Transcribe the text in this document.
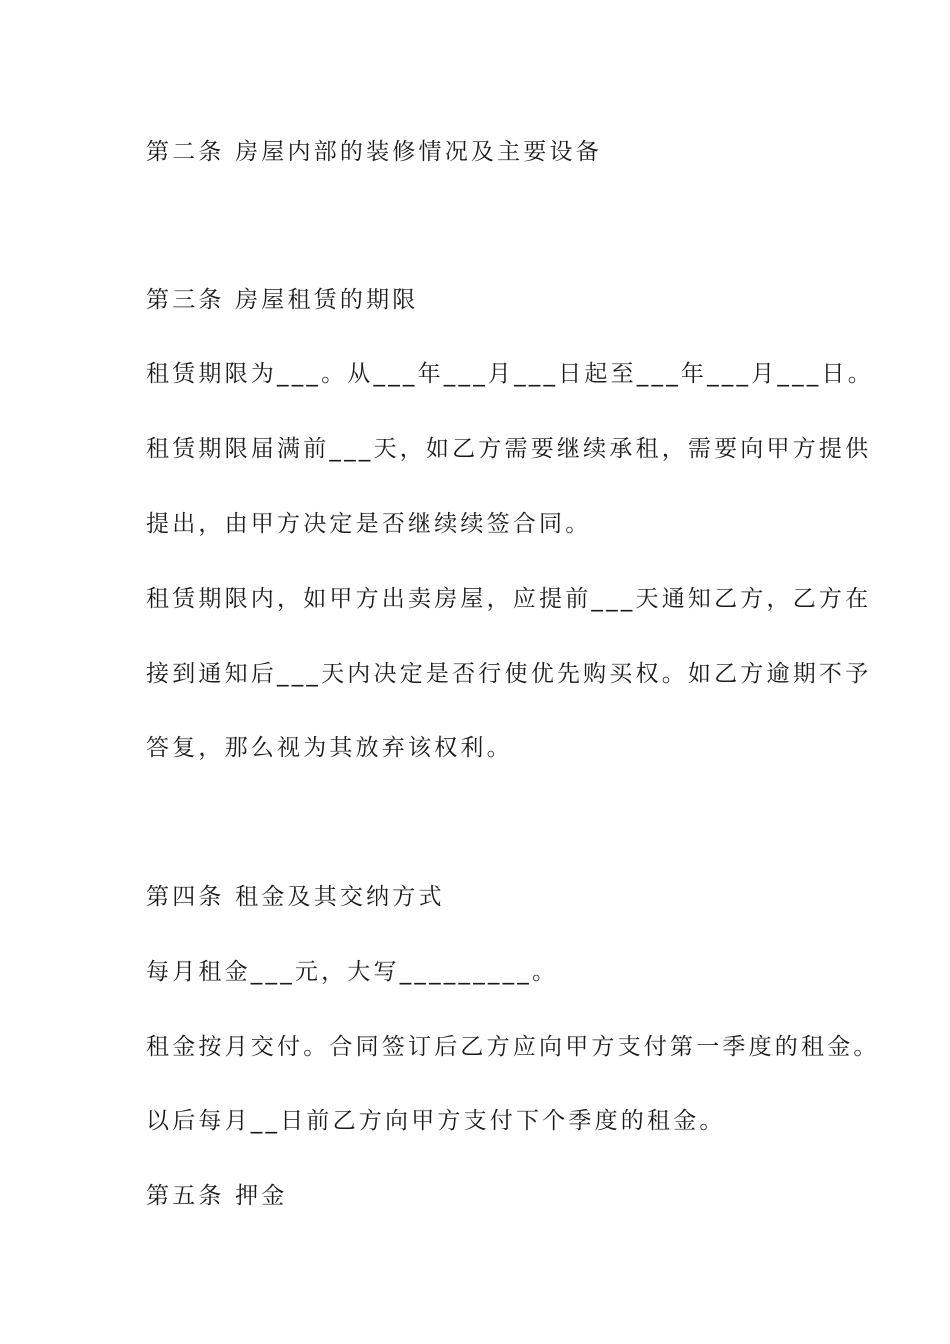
第二条 房屋内部的装修情况及主要设备
第三条 房屋租赁的期限
租赁期限为___。从___年___月___日起至___年___月___日。
租赁期限届满前___天，如乙方需要继续承租，需要向甲方提供
提出，由甲方决定是否继续续签合同。
租赁期限内，如甲方出卖房屋，应提前___天通知乙方，乙方在
接到通知后___天内决定是否行使优先购买权。如乙方逾期不予
答复，那么视为其放弃该权利。
第四条 租金及其交纳方式
每月租金___元，大写_________。
租金按月交付。合同签订后乙方应向甲方支付第一季度的租金。
以后每月__日前乙方向甲方支付下个季度的租金。
第五条 押金
